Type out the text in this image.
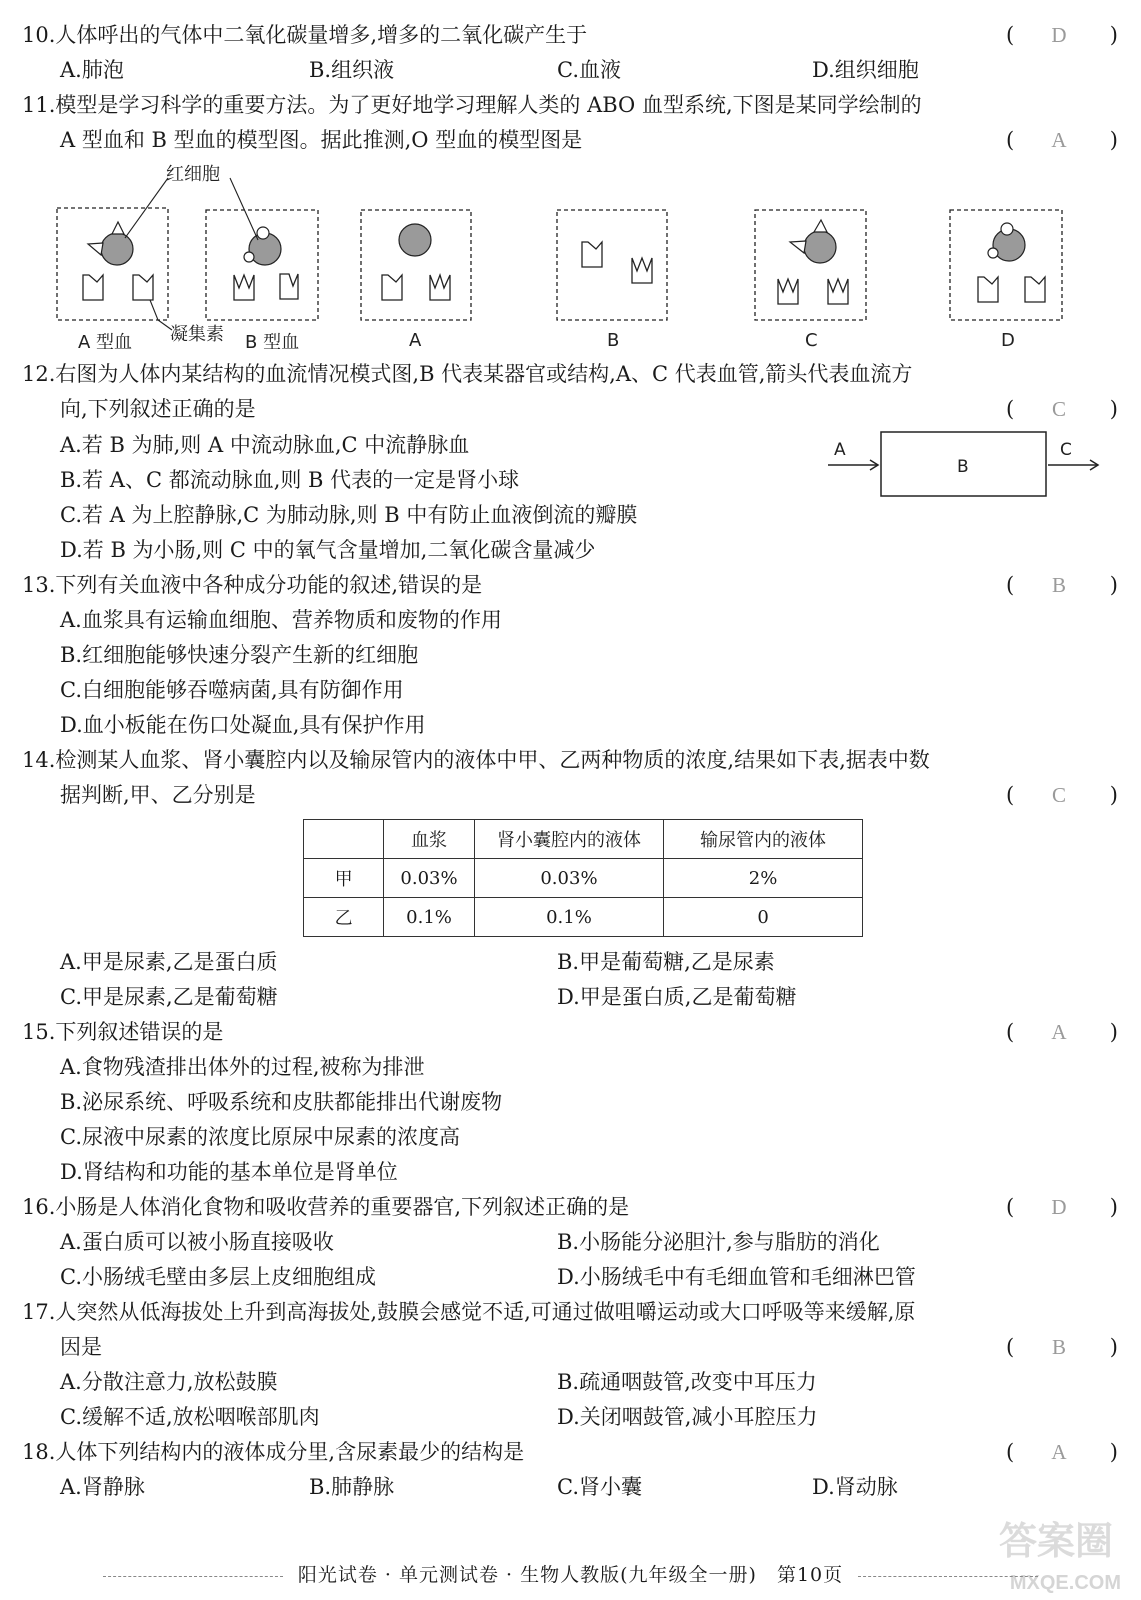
10.人体呼出的气体中二氧化碳量增多,增多的二氧化碳产生于	(	D	)
A.肺泡	B.组织液	C.血液	D.组织细胞
11.模型是学习科学的重要方法。为了更好地学习理解人类的 ABO 血型系统,下图是某同学绘制的
A 型血和 B 型血的模型图。据此推测,O 型血的模型图是	(	A	)
红细胞
凝集素
A 型血	B 型血	A	B	C	D
12.右图为人体内某结构的血流情况模式图,B 代表某器官或结构,A、C 代表血管,箭头代表血流方
向,下列叙述正确的是	(	C	)
A.若 B 为肺,则 A 中流动脉血,C 中流静脉血
B.若 A、C 都流动脉血,则 B 代表的一定是肾小球
C.若 A 为上腔静脉,C 为肺动脉,则 B 中有防止血液倒流的瓣膜
D.若 B 为小肠,则 C 中的氧气含量增加,二氧化碳含量减少
A
B
C
13.下列有关血液中各种成分功能的叙述,错误的是	(	B	)
A.血浆具有运输血细胞、营养物质和废物的作用
B.红细胞能够快速分裂产生新的红细胞
C.白细胞能够吞噬病菌,具有防御作用
D.血小板能在伤口处凝血,具有保护作用
14.检测某人血浆、肾小囊腔内以及输尿管内的液体中甲、乙两种物质的浓度,结果如下表,据表中数
据判断,甲、乙分别是	(	C	)
	血浆	肾小囊腔内的液体	输尿管内的液体
甲	0.03%	0.03%	2%
乙	0.1%	0.1%	0
A.甲是尿素,乙是蛋白质	B.甲是葡萄糖,乙是尿素
C.甲是尿素,乙是葡萄糖	D.甲是蛋白质,乙是葡萄糖
15.下列叙述错误的是	(	A	)
A.食物残渣排出体外的过程,被称为排泄
B.泌尿系统、呼吸系统和皮肤都能排出代谢废物
C.尿液中尿素的浓度比原尿中尿素的浓度高
D.肾结构和功能的基本单位是肾单位
16.小肠是人体消化食物和吸收营养的重要器官,下列叙述正确的是	(	D	)
A.蛋白质可以被小肠直接吸收	B.小肠能分泌胆汁,参与脂肪的消化
C.小肠绒毛壁由多层上皮细胞组成	D.小肠绒毛中有毛细血管和毛细淋巴管
17.人突然从低海拔处上升到高海拔处,鼓膜会感觉不适,可通过做咀嚼运动或大口呼吸等来缓解,原
因是	(	B	)
A.分散注意力,放松鼓膜	B.疏通咽鼓管,改变中耳压力
C.缓解不适,放松咽喉部肌肉	D.关闭咽鼓管,减小耳腔压力
18.人体下列结构内的液体成分里,含尿素最少的结构是	(	A	)
A.肾静脉	B.肺静脉	C.肾小囊	D.肾动脉
阳光试卷 · 单元测试卷 · 生物人教版(九年级全一册)　第10页
答案圈
MXQE.COM
